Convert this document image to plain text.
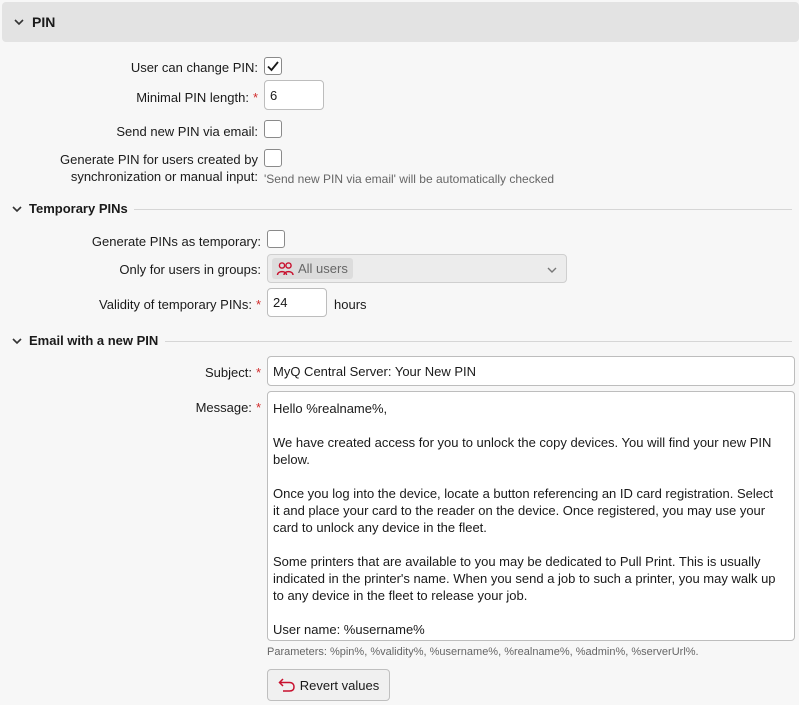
PIN
User can change PIN:
Minimal PIN length: * 6
Send new PIN via email:
Generate PIN for users created by
synchronization or manual input: 'Send new PIN via email' will be automatically checked
Temporary PINs
Generate PINs as temporary:
Only for users in groups:	All users
Validity of temporary PINs: * 24	hours
Email with a new PIN
Subject: * MyQ Central Server: Your New PIN
Message: * Hello %realname%,

We have created access for you to unlock the copy devices. You will find your new PIN

below.

Once you log into the device, locate a button referencing an ID card registration. Select

it and place your card to the reader on the device. Once registered, you may use your

card to unlock any device in the fleet.

Some printers that are available to you may be dedicated to Pull Print. This is usually

indicated in the printer's name. When you send a job to such a printer, you may walk up

to any device in the fleet to release your job.

User name: %username%

Parameters: %pin%, %validity%, %username%, %realname%, %admin%, %serverUrl%.
Revert values
